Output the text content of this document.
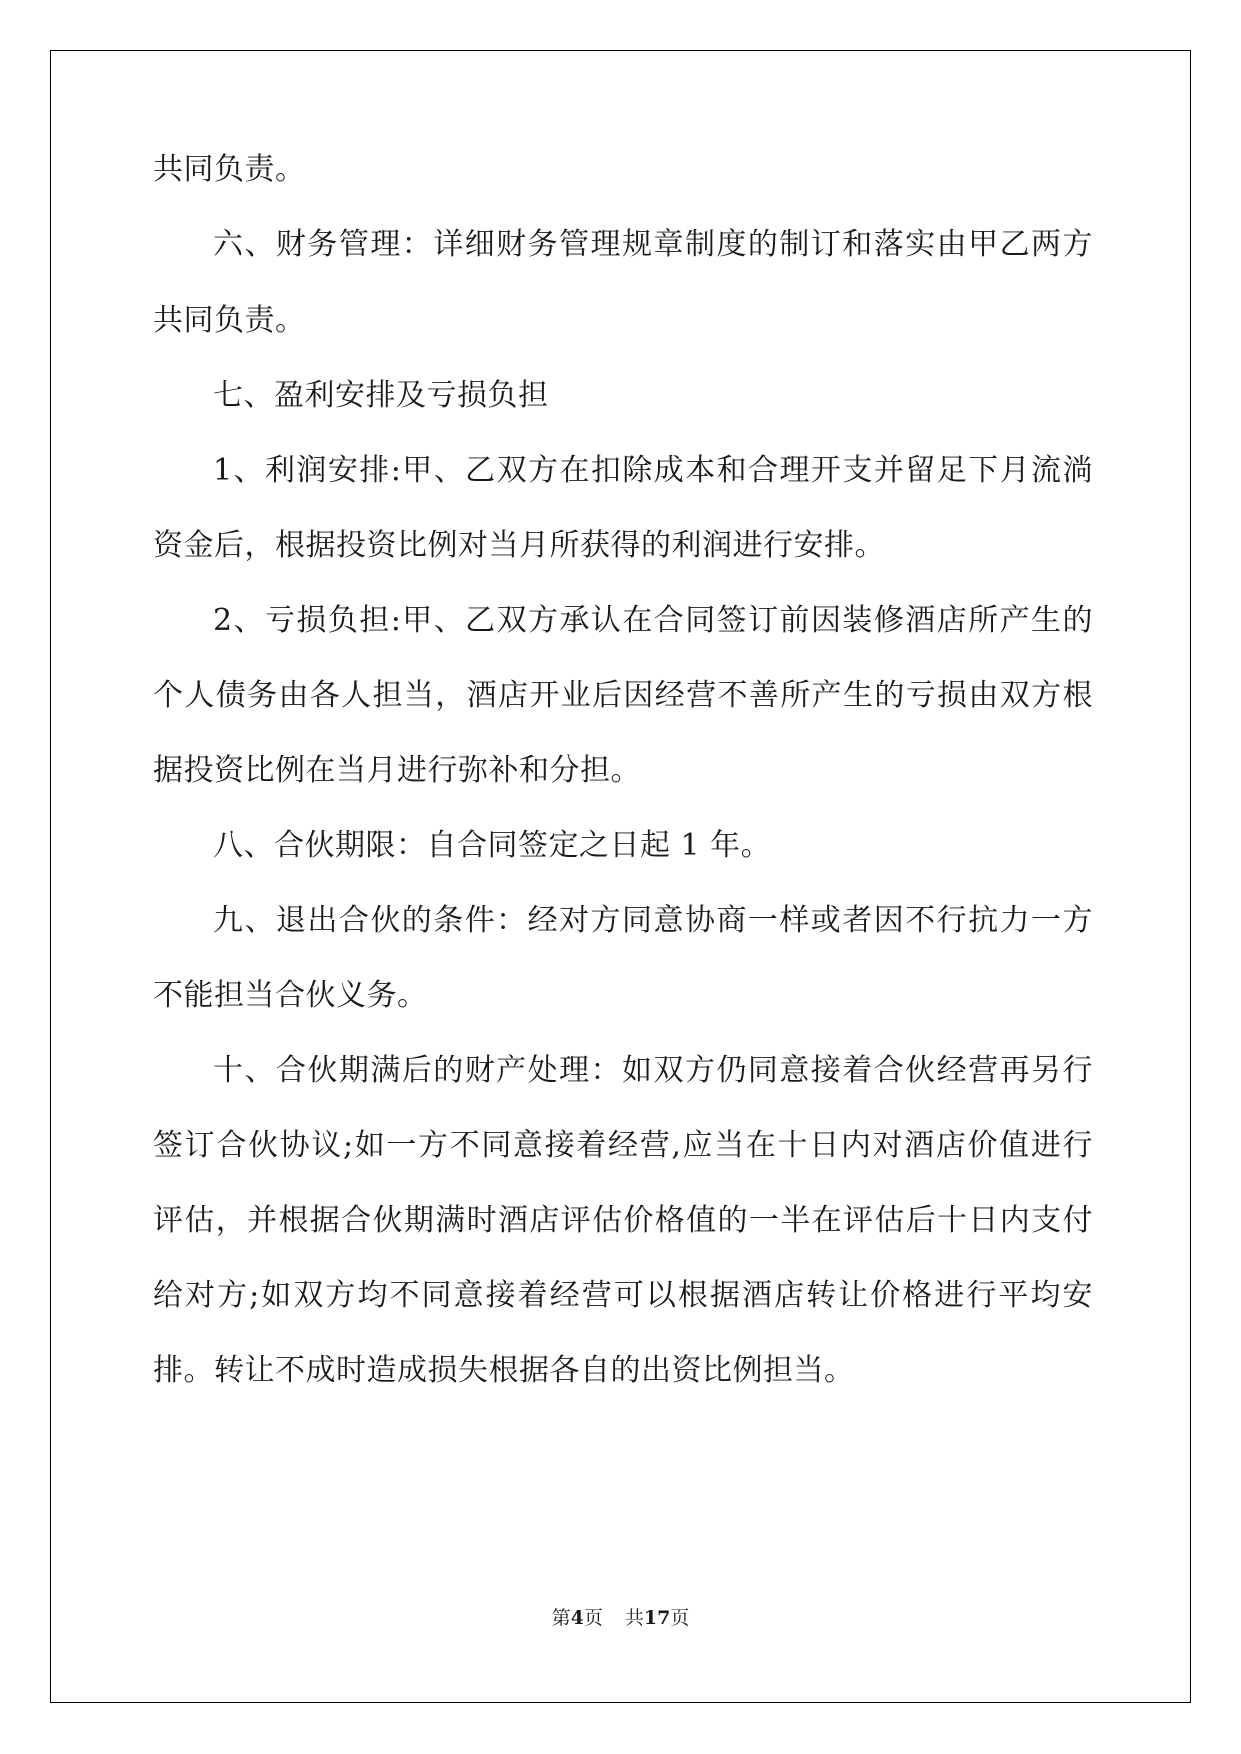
共同负责。
六、财务管理：详细财务管理规章制度的制订和落实由甲乙两方
共同负责。
七、盈利安排及亏损负担
1、利润安排:甲、乙双方在扣除成本和合理开支并留足下月流淌
资金后，根据投资比例对当月所获得的利润进行安排。
2、亏损负担:甲、乙双方承认在合同签订前因装修酒店所产生的
个人债务由各人担当，酒店开业后因经营不善所产生的亏损由双方根
据投资比例在当月进行弥补和分担。
八、合伙期限：自合同签定之日起 1 年。
九、退出合伙的条件：经对方同意协商一样或者因不行抗力一方
不能担当合伙义务。
十、合伙期满后的财产处理：如双方仍同意接着合伙经营再另行
签订合伙协议;如一方不同意接着经营,应当在十日内对酒店价值进行
评估，并根据合伙期满时酒店评估价格值的一半在评估后十日内支付
给对方;如双方均不同意接着经营可以根据酒店转让价格进行平均安
排。转让不成时造成损失根据各自的出资比例担当。
第4页 共17页
